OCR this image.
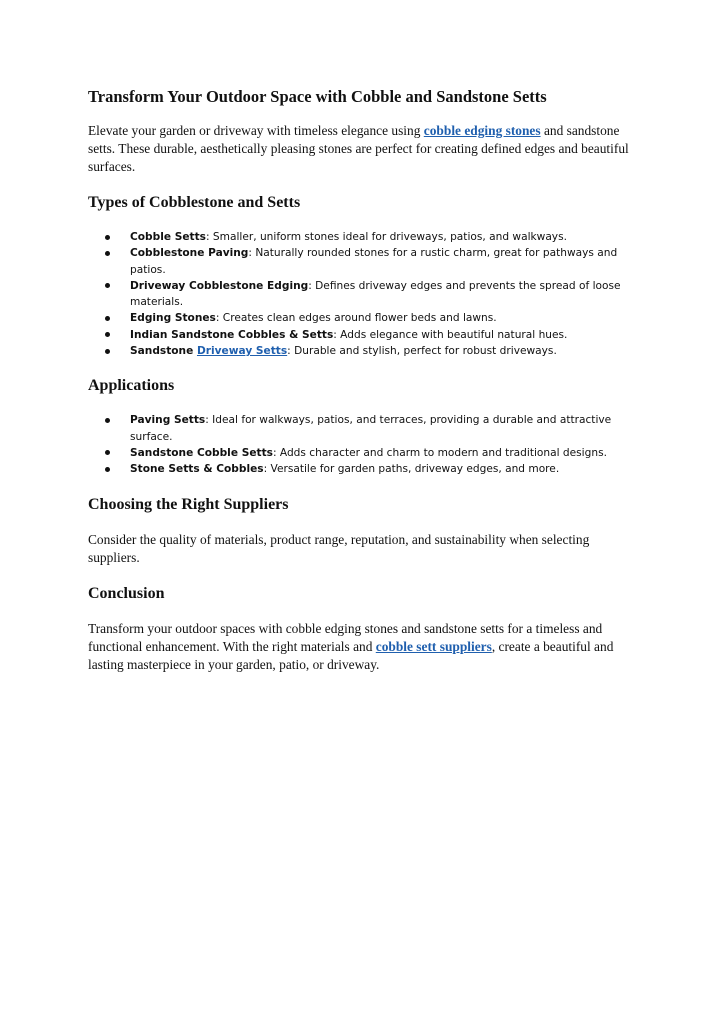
Transform Your Outdoor Space with Cobble and Sandstone Setts

Elevate your garden or driveway with timeless elegance using cobble edging stones and sandstone setts. These durable, aesthetically pleasing stones are perfect for creating defined edges and beautiful surfaces.

Types of Cobblestone and Setts
Cobble Setts: Smaller, uniform stones ideal for driveways, patios, and walkways.
Cobblestone Paving: Naturally rounded stones for a rustic charm, great for pathways and patios.
Driveway Cobblestone Edging: Defines driveway edges and prevents the spread of loose materials.
Edging Stones: Creates clean edges around flower beds and lawns.
Indian Sandstone Cobbles & Setts: Adds elegance with beautiful natural hues.
Sandstone Driveway Setts: Durable and stylish, perfect for robust driveways.
Applications
Paving Setts: Ideal for walkways, patios, and terraces, providing a durable and attractive surface.
Sandstone Cobble Setts: Adds character and charm to modern and traditional designs.
Stone Setts & Cobbles: Versatile for garden paths, driveway edges, and more.
Choosing the Right Suppliers

Consider the quality of materials, product range, reputation, and sustainability when selecting suppliers.

Conclusion

Transform your outdoor spaces with cobble edging stones and sandstone setts for a timeless and functional enhancement. With the right materials and cobble sett suppliers, create a beautiful and lasting masterpiece in your garden, patio, or driveway.
